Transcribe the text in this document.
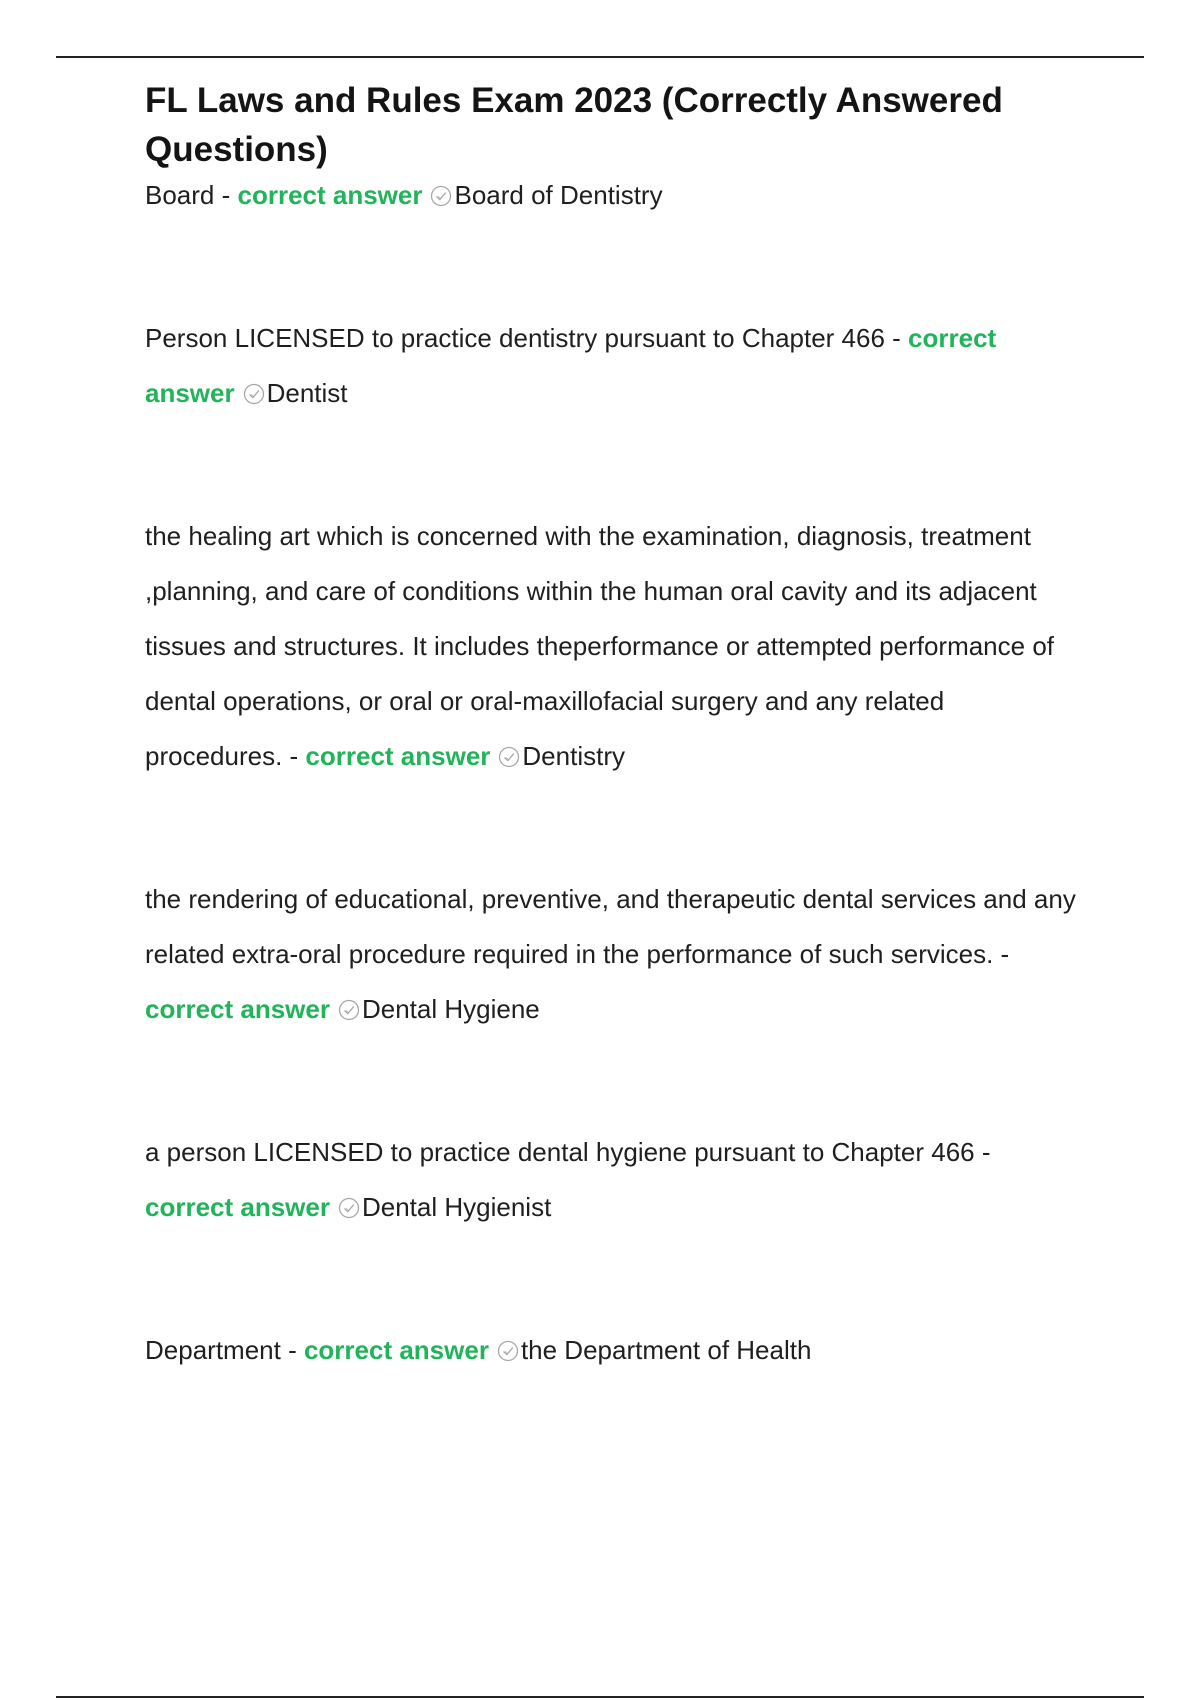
FL Laws and Rules Exam 2023 (Correctly Answered Questions)

Board - correct answer Board of Dentistry

Person LICENSED to practice dentistry pursuant to Chapter 466 - correct answer Dentist

the healing art which is concerned with the examination, diagnosis, treatment ,planning, and care of conditions within the human oral cavity and its adjacent tissues and structures. It includes theperformance or attempted performance of dental operations, or oral or oral-maxillofacial surgery and any related procedures. - correct answer Dentistry

the rendering of educational, preventive, and therapeutic dental services and any related extra-oral procedure required in the performance of such services. - correct answer Dental Hygiene

a person LICENSED to practice dental hygiene pursuant to Chapter 466 - correct answer Dental Hygienist

Department - correct answer the Department of Health
